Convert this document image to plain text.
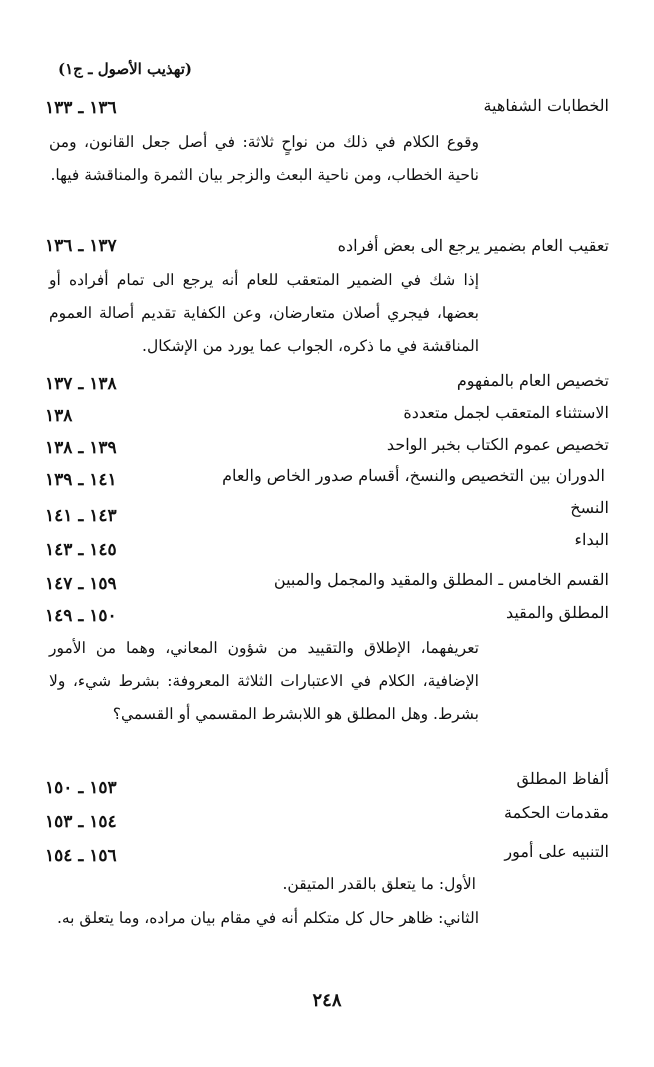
(تهذيب الأصول ـ ج١)
الخطابات الشفاهية
١٣٦ ـ ١٣٣
وقوع الكلام في ذلك من نواحٍ ثلاثة: في أصل جعل القانون، ومن ناحية الخطاب، ومن ناحية البعث والزجر بيان الثمرة والمناقشة فيها.
تعقيب العام بضمير يرجع الى بعض أفراده
١٣٧ ـ ١٣٦
إذا شك في الضمير المتعقب للعام أنه يرجع الى تمام أفراده أو بعضها، فيجري أصلان متعارضان، وعن الكفاية تقديم أصالة العموم المناقشة في ما ذكره، الجواب عما يورد من الإشكال.
تخصيص العام بالمفهوم
١٣٨ ـ ١٣٧
الاستثناء المتعقب لجمل متعددة
١٣٨
تخصيص عموم الكتاب بخبر الواحد
١٣٩ ـ ١٣٨
الدوران بين التخصيص والنسخ، أقسام صدور الخاص والعام
١٤١ ـ ١٣٩
النسخ
١٤٣ ـ ١٤١
البداء
١٤٥ ـ ١٤٣
القسم الخامس ـ المطلق والمقيد والمجمل والمبين
١٥٩ ـ ١٤٧
المطلق والمقيد
١٥٠ ـ ١٤٩
تعريفهما، الإطلاق والتقييد من شؤون المعاني، وهما من الأمور الإضافية، الكلام في الاعتبارات الثلاثة المعروفة: بشرط شيء، ولا بشرط. وهل المطلق هو اللابشرط المقسمي أو القسمي؟
ألفاظ المطلق
١٥٣ ـ ١٥٠
مقدمات الحكمة
١٥٤ ـ ١٥٣
التنبيه على أمور
١٥٦ ـ ١٥٤
الأول: ما يتعلق بالقدر المتيقن.
الثاني: ظاهر حال كل متكلم أنه في مقام بيان مراده، وما يتعلق به.
٢٤٨
